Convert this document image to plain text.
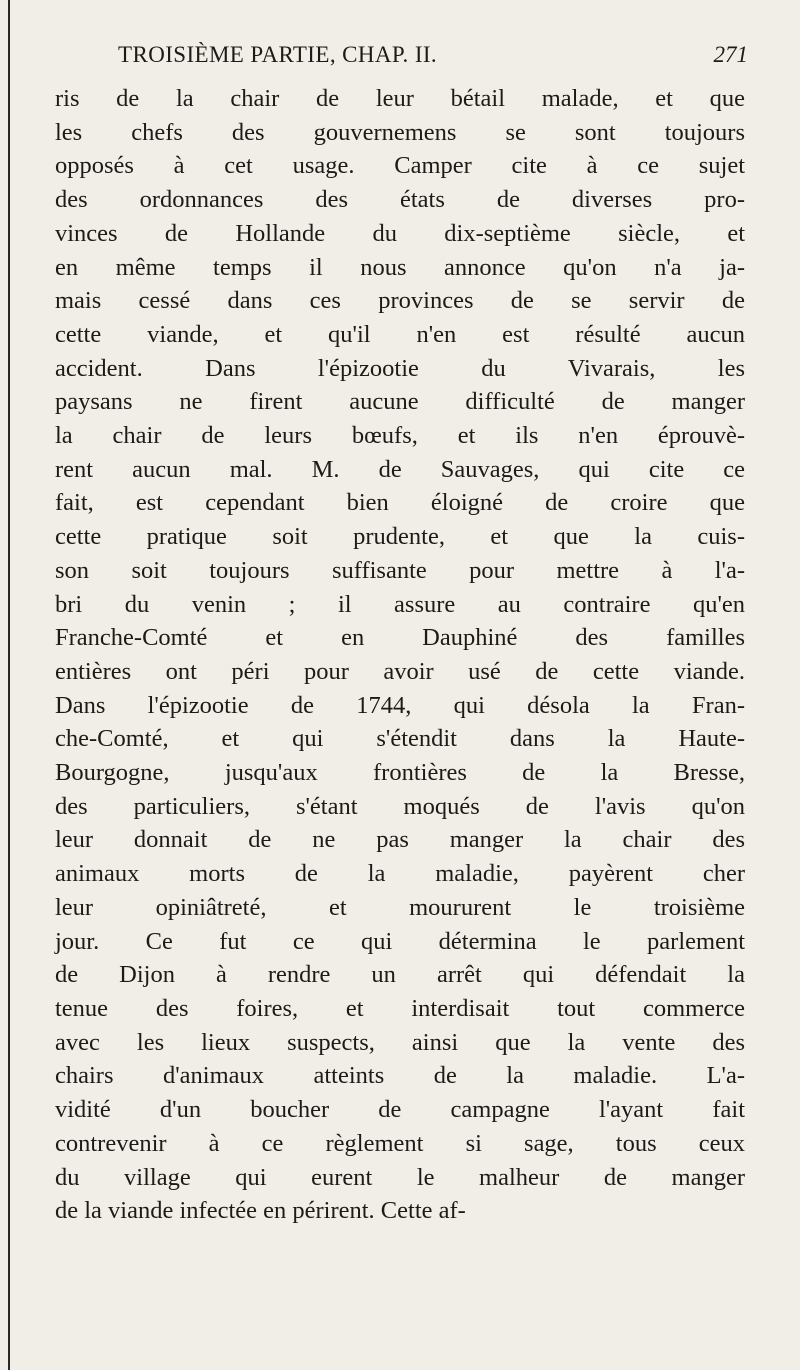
TROISIÈME PARTIE, CHAP. II.	271
ris de la chair de leur bétail malade, et que
les chefs des gouvernemens se sont toujours
opposés à cet usage. Camper cite à ce sujet
des ordonnances des états de diverses pro-
vinces de Hollande du dix-septième siècle, et
en même temps il nous annonce qu'on n'a ja-
mais cessé dans ces provinces de se servir de
cette viande, et qu'il n'en est résulté aucun
accident. Dans l'épizootie du Vivarais, les
paysans ne firent aucune difficulté de manger
la chair de leurs bœufs, et ils n'en éprouvè-
rent aucun mal. M. de Sauvages, qui cite ce
fait, est cependant bien éloigné de croire que
cette pratique soit prudente, et que la cuis-
son soit toujours suffisante pour mettre à l'a-
bri du venin ; il assure au contraire qu'en
Franche-Comté et en Dauphiné des familles
entières ont péri pour avoir usé de cette viande.
Dans l'épizootie de 1744, qui désola la Fran-
che-Comté, et qui s'étendit dans la Haute-
Bourgogne, jusqu'aux frontières de la Bresse,
des particuliers, s'étant moqués de l'avis qu'on
leur donnait de ne pas manger la chair des
animaux morts de la maladie, payèrent cher
leur opiniâtreté, et moururent le troisième
jour. Ce fut ce qui détermina le parlement
de Dijon à rendre un arrêt qui défendait la
tenue des foires, et interdisait tout commerce
avec les lieux suspects, ainsi que la vente des
chairs d'animaux atteints de la maladie. L'a-
vidité d'un boucher de campagne l'ayant fait
contrevenir à ce règlement si sage, tous ceux
du village qui eurent le malheur de manger
de la viande infectée en périrent. Cette af-
